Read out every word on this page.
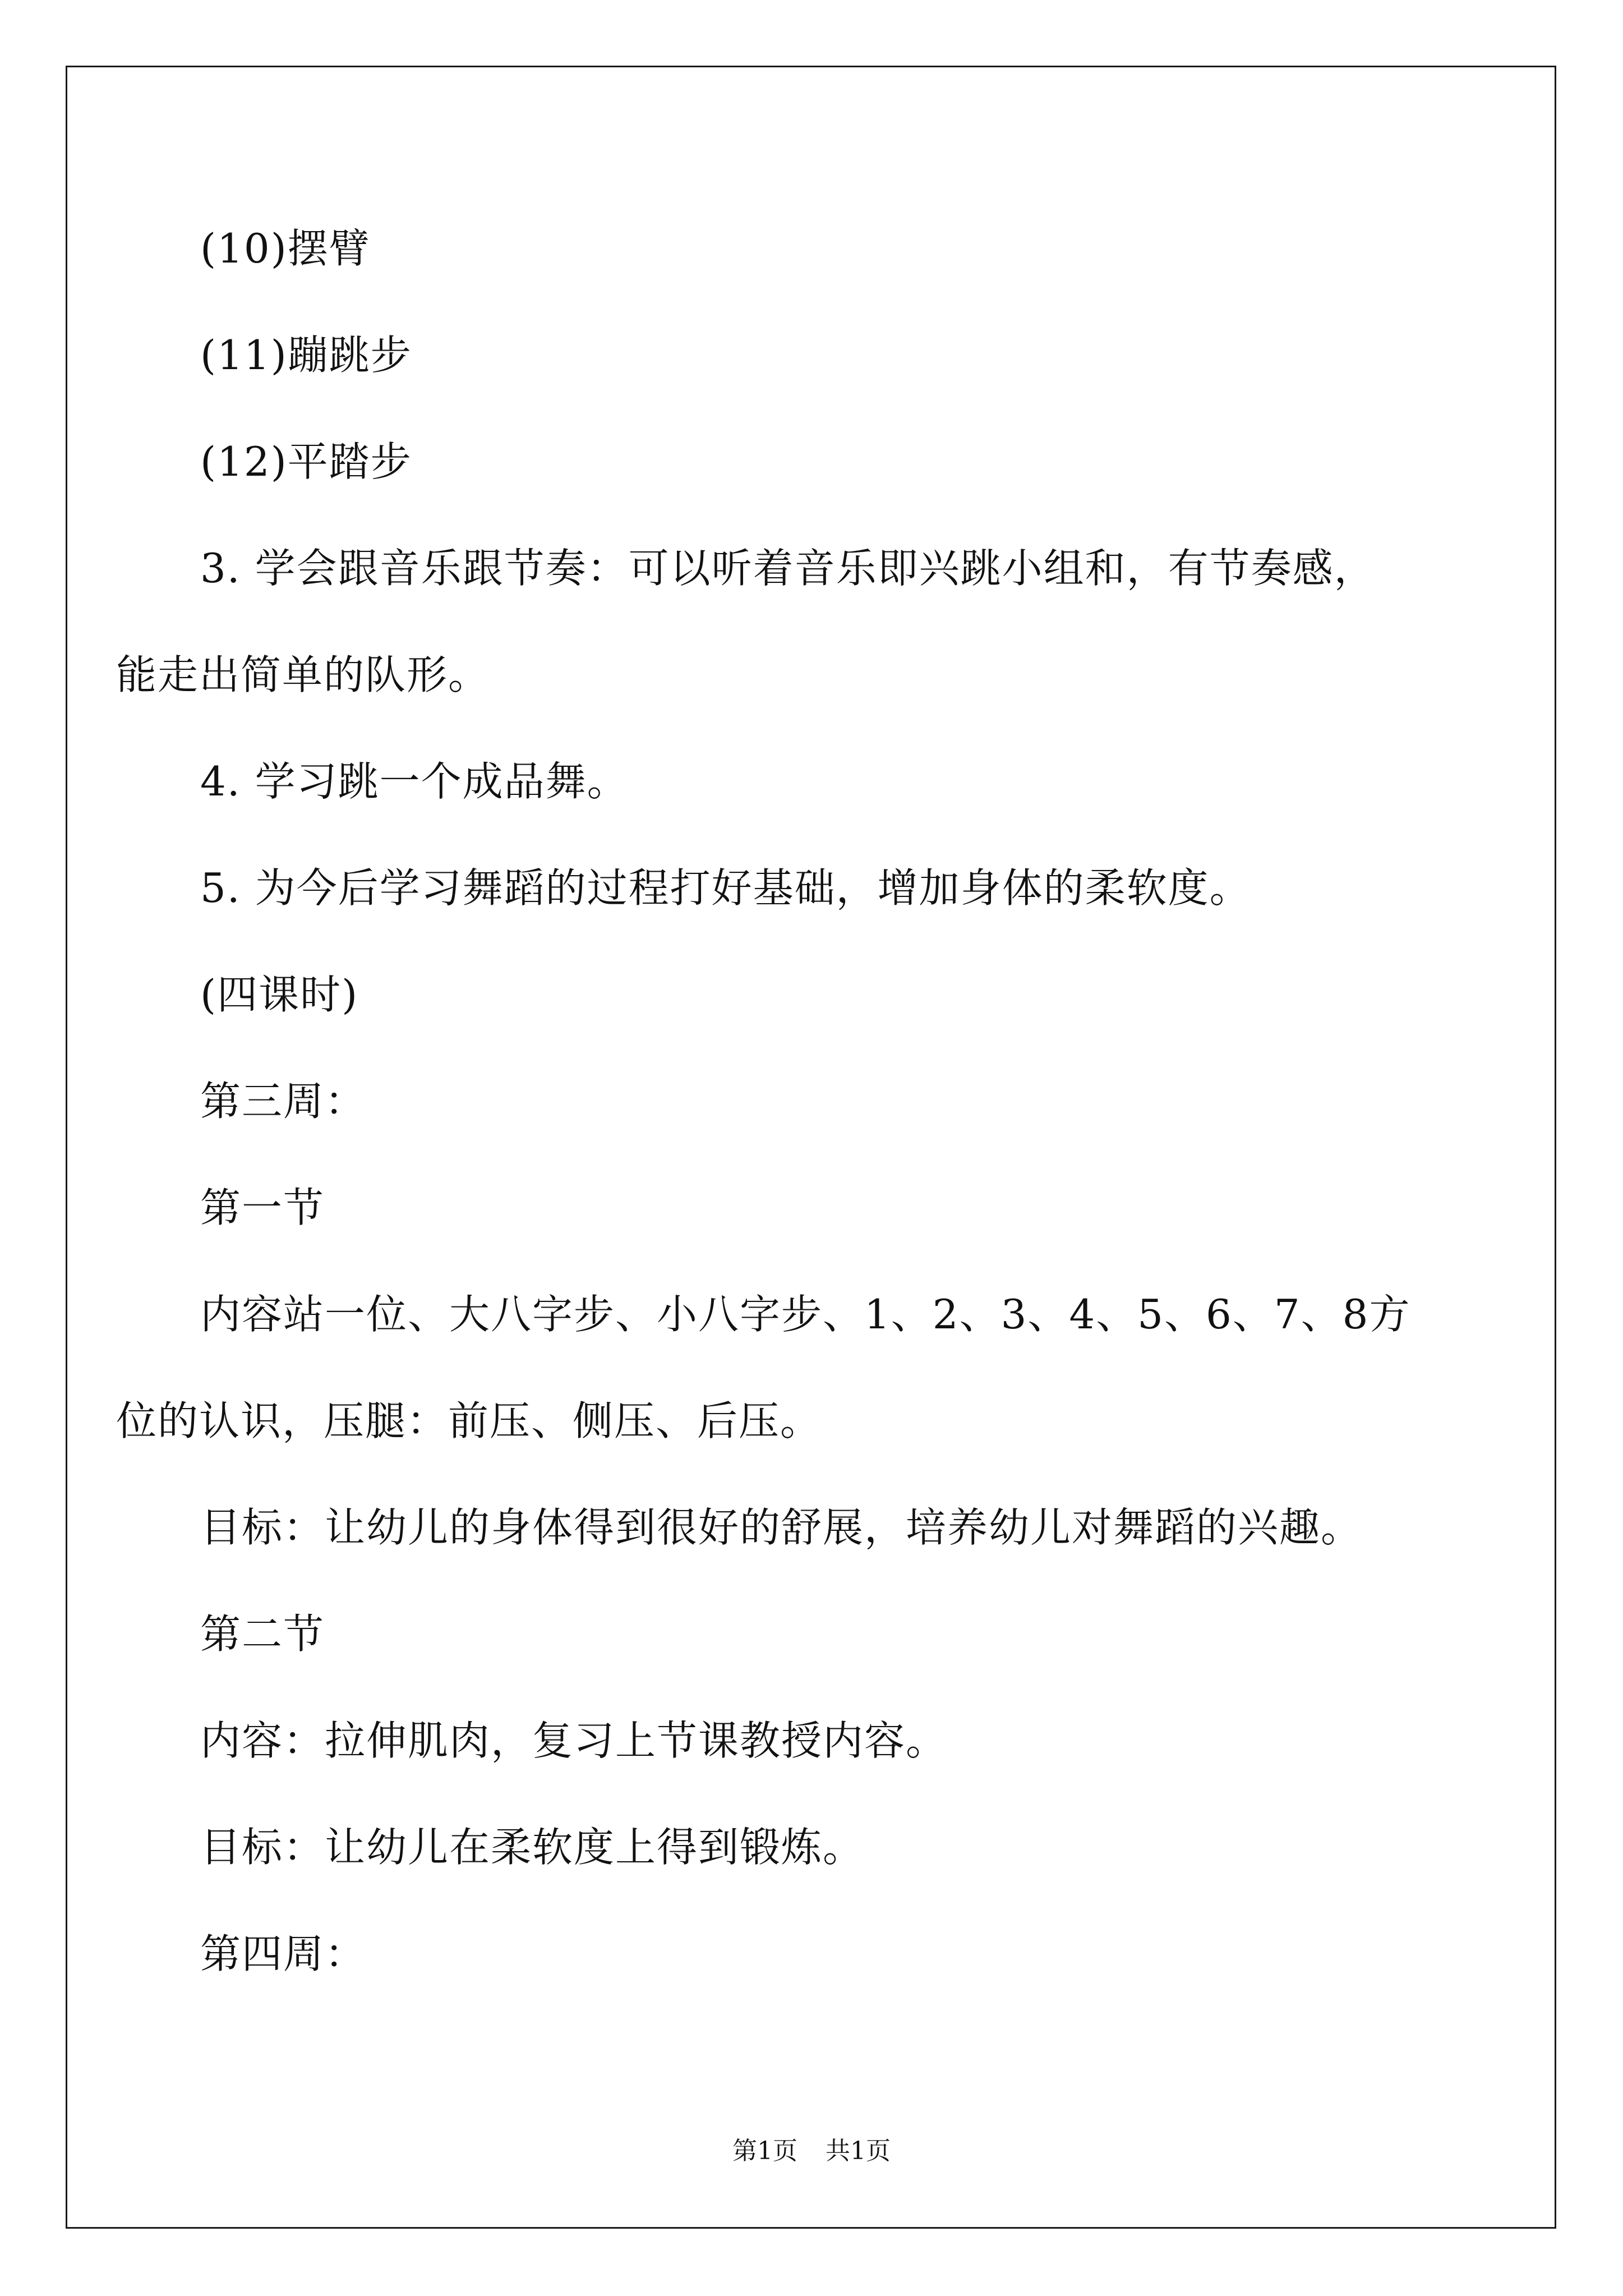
(10)摆臂
(11)蹦跳步
(12)平踏步
3. 学会跟音乐跟节奏：可以听着音乐即兴跳小组和，有节奏感，
能走出简单的队形。
4. 学习跳一个成品舞。
5. 为今后学习舞蹈的过程打好基础，增加身体的柔软度。
(四课时)
第三周：
第一节
内容站一位、大八字步、小八字步、1、2、3、4、5、6、7、8方
位的认识，压腿：前压、侧压、后压。
目标：让幼儿的身体得到很好的舒展，培养幼儿对舞蹈的兴趣。
第二节
内容：拉伸肌肉，复习上节课教授内容。
目标：让幼儿在柔软度上得到锻炼。
第四周：
第1页 共1页
